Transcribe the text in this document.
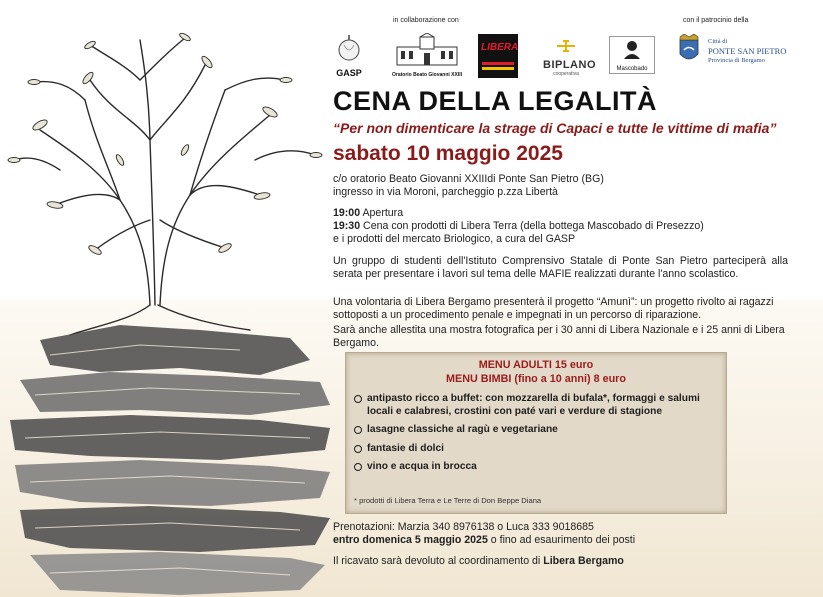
in collaborazione con	con il patrocinio della
GASP	Oratorio Beato Giovanni XXIII
LIBERA
BIPLANO
cooperativa
Mascobado
Città di
PONTE SAN PIETRO
Provincia di Bergamo
CENA DELLA LEGALITÀ
“Per non dimenticare la strage di Capaci e tutte le vittime di mafia”
sabato 10 maggio 2025
c/o oratorio Beato Giovanni XXIIIdi Ponte San Pietro (BG)
ingresso in via Moroni, parcheggio p.zza Libertà
19:00 Apertura
19:30 Cena con prodotti di Libera Terra (della bottega Mascobado di Presezzo)
e i prodotti del mercato Briologico, a cura del GASP
Un gruppo di studenti dell'Istituto Comprensivo Statale di Ponte San Pietro parteciperà alla serata per presentare i lavori sul tema delle MAFIE realizzati durante l'anno scolastico.
Una volontaria di Libera Bergamo presenterà il progetto “Amunì”: un progetto rivolto ai ragazzi sottoposti a un procedimento penale e impegnati in un percorso di riparazione.
Sarà anche allestita una mostra fotografica per i 30 anni di Libera Nazionale e i 25 anni di Libera Bergamo.
MENU ADULTI 15 euro
MENU BIMBI (fino a 10 anni) 8 euro
antipasto ricco a buffet: con mozzarella di bufala*, formaggi e salumi locali e calabresi, crostini con paté vari e verdure di stagione
lasagne classiche al ragù e vegetariane
fantasie di dolci
vino e acqua in brocca
* prodotti di Libera Terra e Le Terre di Don Beppe Diana
Prenotazioni: Marzia 340 8976138 o Luca 333 9018685
entro domenica 5 maggio 2025 o fino ad esaurimento dei posti
Il ricavato sarà devoluto al coordinamento di Libera Bergamo
